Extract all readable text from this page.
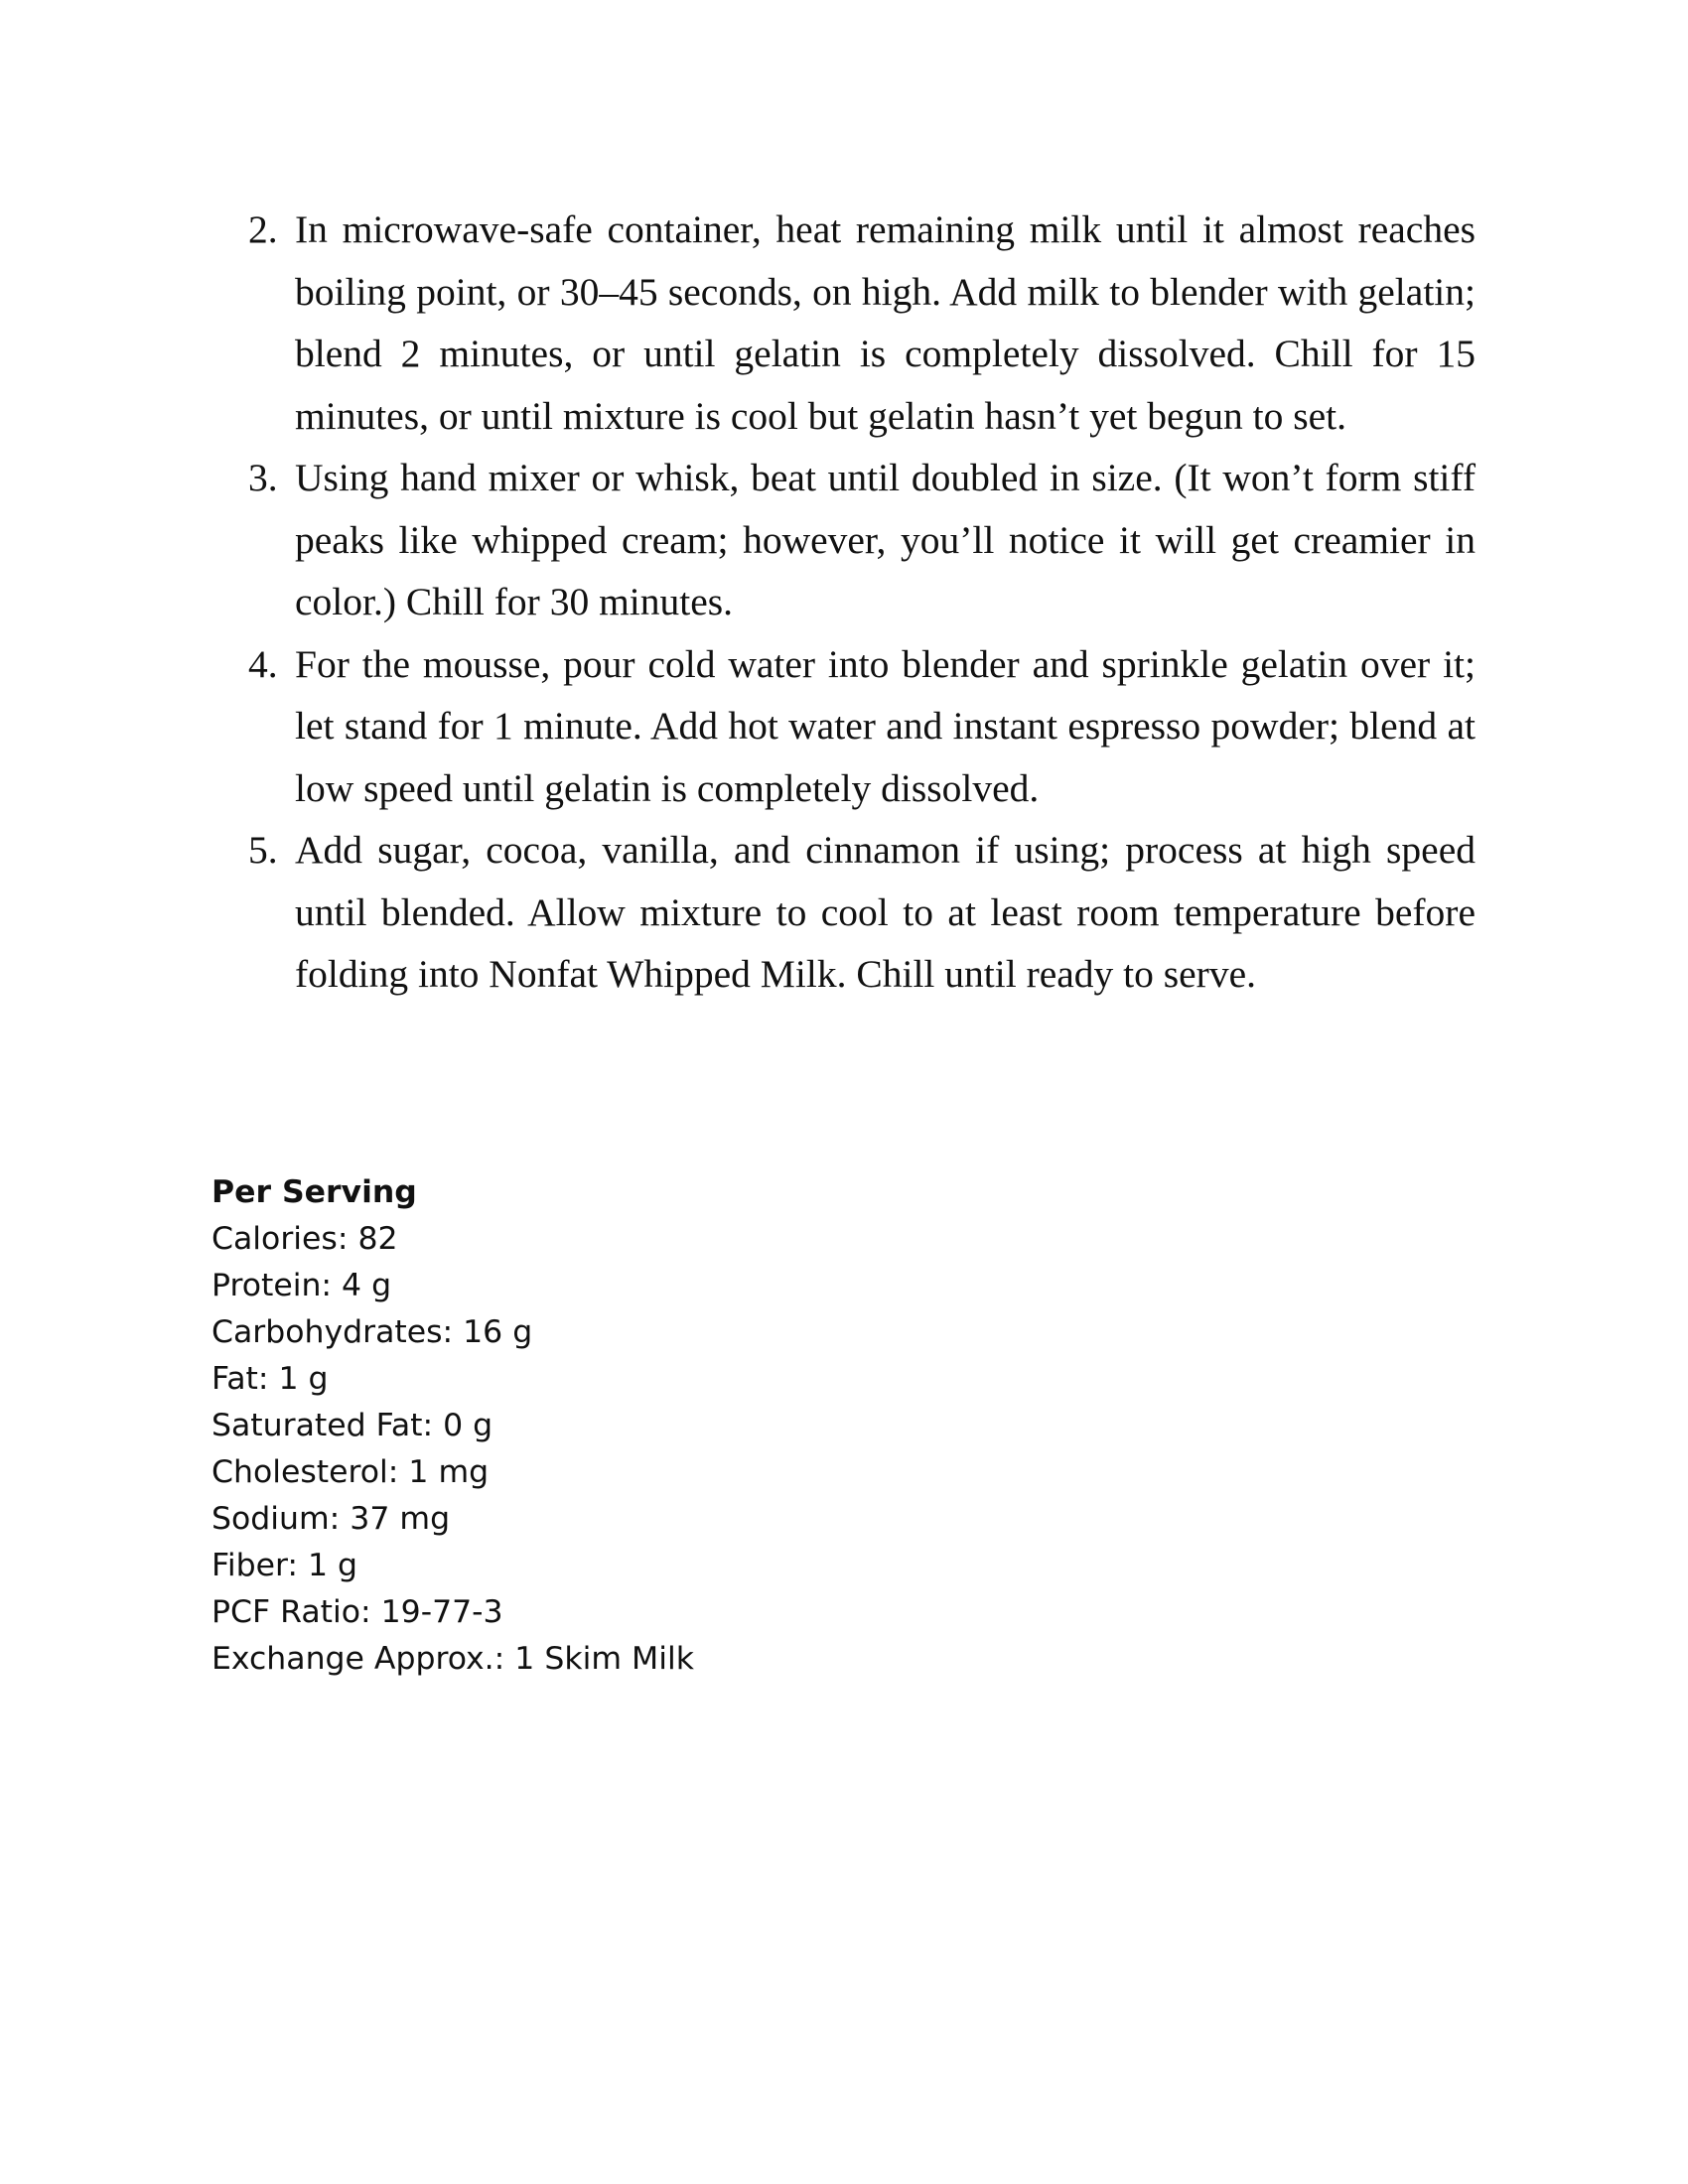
2. In microwave-safe container, heat remaining milk until it almost reaches boiling point, or 30–45 seconds, on high. Add milk to blender with gelatin; blend 2 minutes, or until gelatin is completely dissolved. Chill for 15 minutes, or until mixture is cool but gelatin hasn’t yet begun to set.
3. Using hand mixer or whisk, beat until doubled in size. (It won’t form stiff peaks like whipped cream; however, you’ll notice it will get creamier in color.) Chill for 30 minutes.
4. For the mousse, pour cold water into blender and sprinkle gelatin over it; let stand for 1 minute. Add hot water and instant espresso powder; blend at low speed until gelatin is completely dissolved.
5. Add sugar, cocoa, vanilla, and cinnamon if using; process at high speed until blended. Allow mixture to cool to at least room temperature before folding into Nonfat Whipped Milk. Chill until ready to serve.
Per Serving
Calories: 82
Protein: 4 g
Carbohydrates: 16 g
Fat: 1 g
Saturated Fat: 0 g
Cholesterol: 1 mg
Sodium: 37 mg
Fiber: 1 g
PCF Ratio: 19-77-3
Exchange Approx.: 1 Skim Milk
